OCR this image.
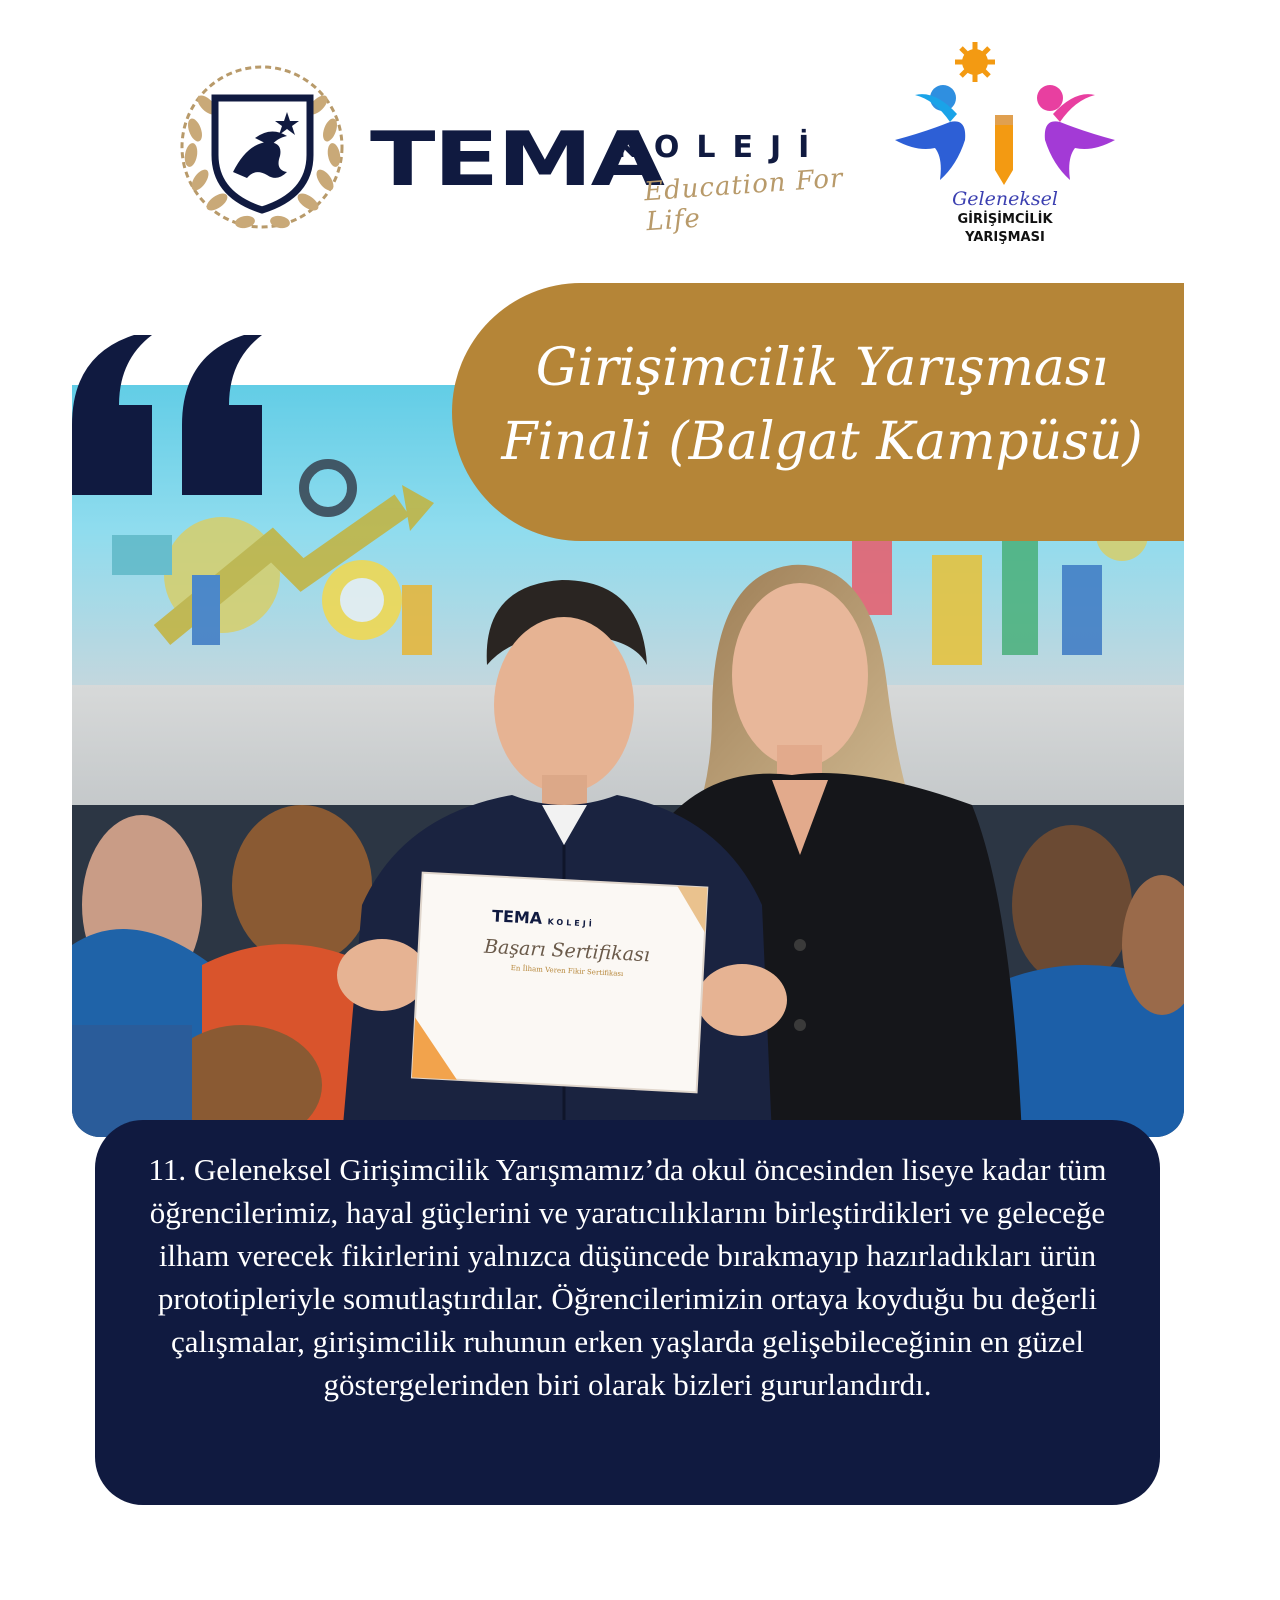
TEMA
KOLEJİ
Education For Life
Geleneksel
GİRİŞİMCİLİK
YARIŞMASI
TEMA KOLEJİ
Başarı Sertifikası
En İlham Veren Fikir Sertifikası
Girişimcilik Yarışması
Finali (Balgat Kampüsü)

11. Geleneksel Girişimcilik Yarışmamız’da okul öncesinden liseye kadar tüm öğrencilerimiz, hayal güçlerini ve yaratıcılıklarını birleştirdikleri ve geleceğe ilham verecek fikirlerini yalnızca düşüncede bırakmayıp hazırladıkları ürün prototipleriyle somutlaştırdılar. Öğrencilerimizin ortaya koyduğu bu değerli çalışmalar, girişimcilik ruhunun erken yaşlarda gelişebileceğinin en güzel göstergelerinden biri olarak bizleri gururlandırdı.
